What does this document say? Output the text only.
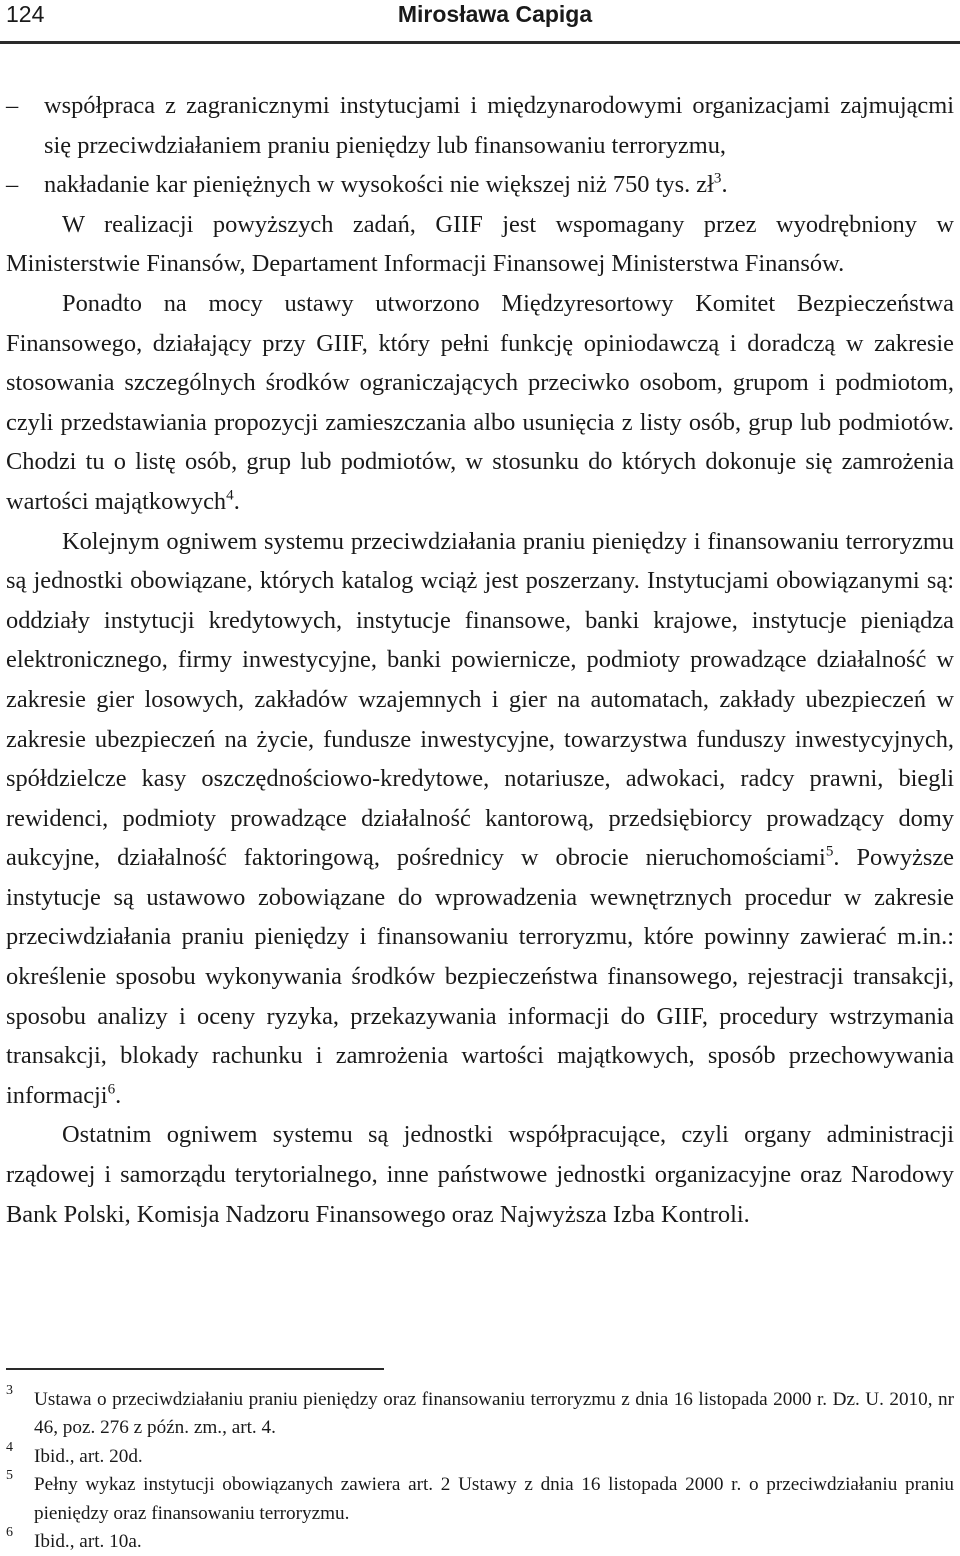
124	Mirosława Capiga

– współpraca z zagranicznymi instytucjami i międzynarodowymi organizacjami zajmującmi się przeciwdziałaniem praniu pieniędzy lub finansowaniu terroryzmu,

– nakładanie kar pieniężnych w wysokości nie większej niż 750 tys. $zł^3$.

W realizacji powyższych zadań, GIIF jest wspomagany przez wyodrębniony w Ministerstwie Finansów, Departament Informacji Finansowej Ministerstwa Finansów.

Ponadto na mocy ustawy utworzono Międzyresortowy Komitet Bezpieczeństwa Finansowego, działający przy GIIF, który pełni funkcję opiniodawczą i doradczą w zakresie stosowania szczególnych środków ograniczających przeciwko osobom, grupom i podmiotom, czyli przedstawiania propozycji zamieszczania albo usunięcia z listy osób, grup lub podmiotów. Chodzi tu o listę osób, grup lub podmiotów, w stosunku do których dokonuje się zamrożenia wartości majątkowych$^4$.

Kolejnym ogniwem systemu przeciwdziałania praniu pieniędzy i finansowaniu terroryzmu są jednostki obowiązane, których katalog wciąż jest poszerzany. Instytucjami obowiązanymi są: oddziały instytucji kredytowych, instytucje finansowe, banki krajowe, instytucje pieniądza elektronicznego, firmy inwestycyjne, banki powiernicze, podmioty prowadzące działalność w zakresie gier losowych, zakładów wzajemnych i gier na automatach, zakłady ubezpieczeń w zakresie ubezpieczeń na życie, fundusze inwestycyjne, towarzystwa funduszy inwestycyjnych, spółdzielcze kasy oszczędnościowo-kredytowe, notariusze, adwokaci, radcy prawni, biegli rewidenci, podmioty prowadzące działalność kantorową, przedsiębiorcy prowadzący domy aukcyjne, działalność faktoringową, pośrednicy w obrocie nieruchomościami$^5$. Powyższe instytucje są ustawowo zobowiązane do wprowadzenia wewnętrznych procedur w zakresie przeciwdziałania praniu pieniędzy i finansowaniu terroryzmu, które powinny zawierać m.in.: określenie sposobu wykonywania środków bezpieczeństwa finansowego, rejestracji transakcji, sposobu analizy i oceny ryzyka, przekazywania informacji do GIIF, procedury wstrzymania transakcji, blokady rachunku i zamrożenia wartości majątkowych, sposób przechowywania informacji$^6$.

Ostatnim ogniwem systemu są jednostki współpracujące, czyli organy administracji rządowej i samorządu terytorialnego, inne państwowe jednostki organizacyjne oraz Narodowy Bank Polski, Komisja Nadzoru Finansowego oraz Najwyższa Izba Kontroli.

3 Ustawa o przeciwdziałaniu praniu pieniędzy oraz finansowaniu terroryzmu z dnia 16 listopada 2000 r. Dz. U. 2010, nr 46, poz. 276 z późn. zm., art. 4.
4 Ibid., art. 20d.
5 Pełny wykaz instytucji obowiązanych zawiera art. 2 Ustawy z dnia 16 listopada 2000 r. o przeciwdziałaniu praniu pieniędzy oraz finansowaniu terroryzmu.
6 Ibid., art. 10a.
